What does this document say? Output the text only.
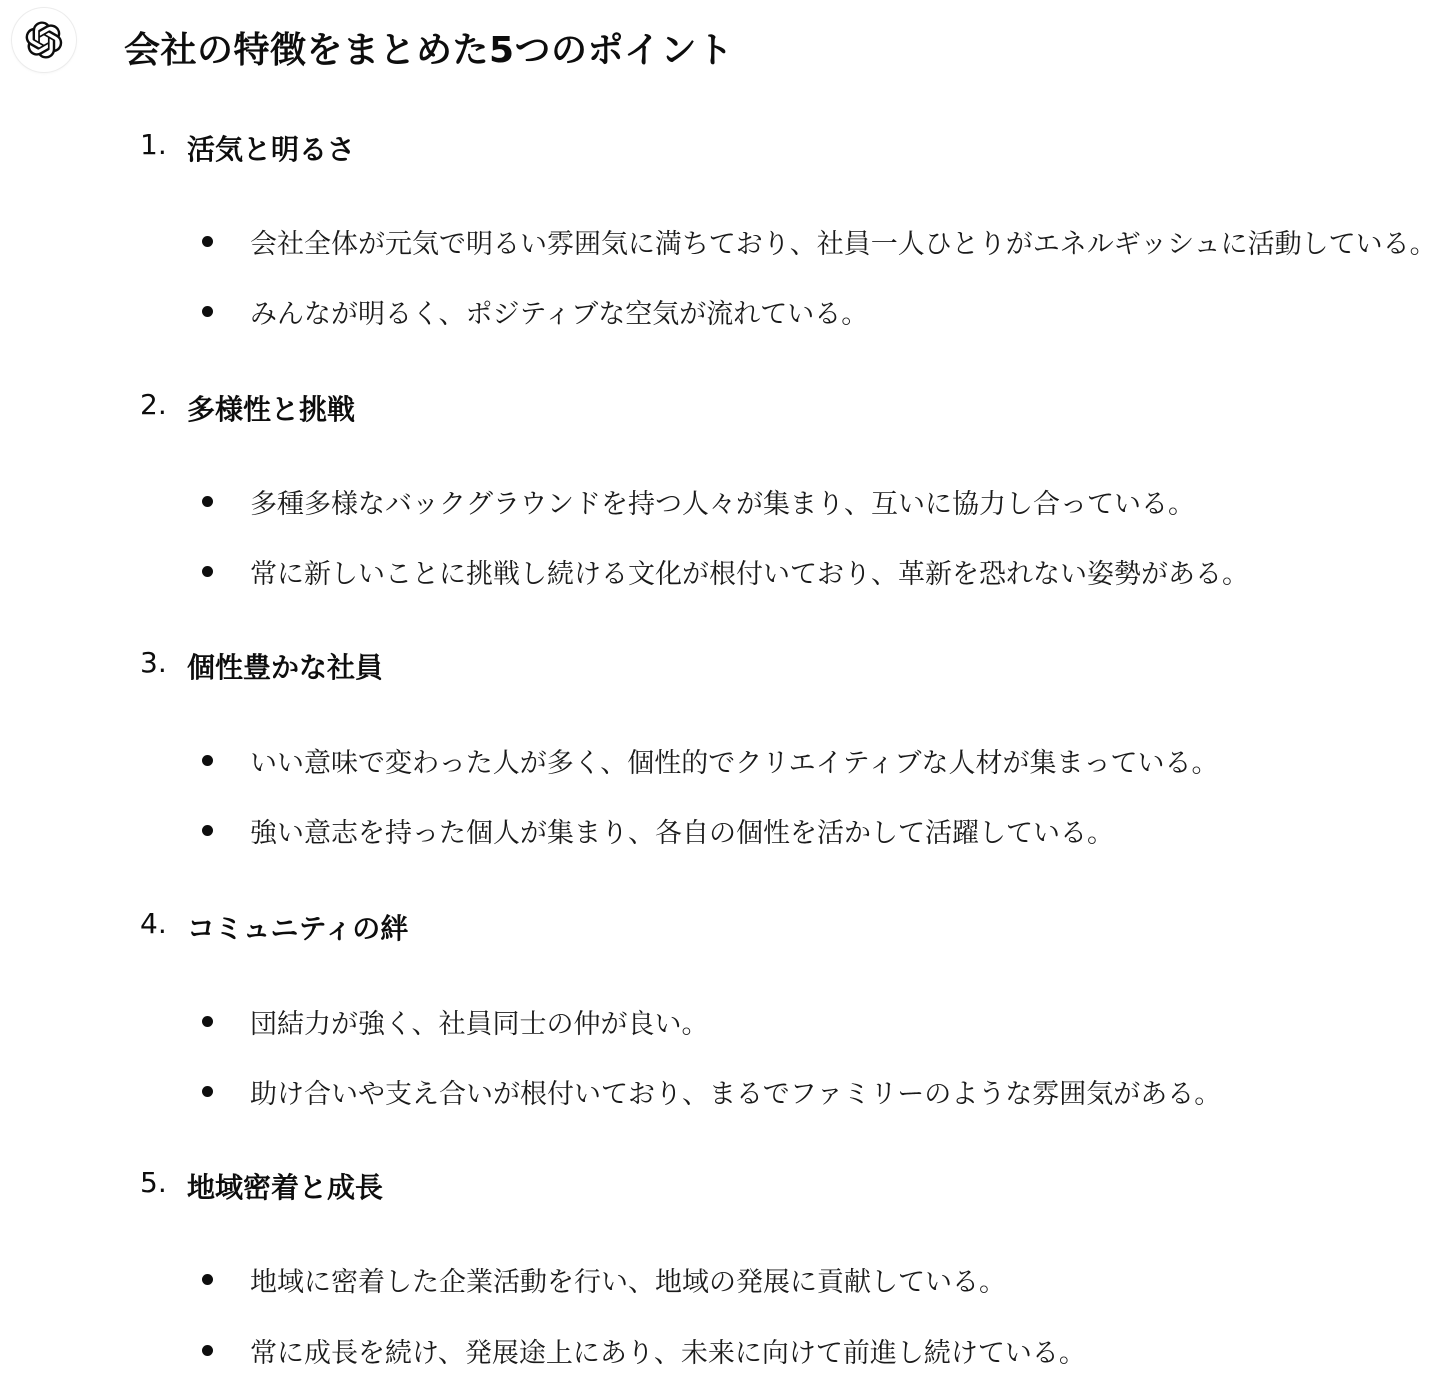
会社の特徴をまとめた5つのポイント
1. 活気と明るさ
会社全体が元気で明るい雰囲気に満ちており、社員一人ひとりがエネルギッシュに活動している。
みんなが明るく、ポジティブな空気が流れている。
2. 多様性と挑戦
多種多様なバックグラウンドを持つ人々が集まり、互いに協力し合っている。
常に新しいことに挑戦し続ける文化が根付いており、革新を恐れない姿勢がある。
3. 個性豊かな社員
いい意味で変わった人が多く、個性的でクリエイティブな人材が集まっている。
強い意志を持った個人が集まり、各自の個性を活かして活躍している。
4. コミュニティの絆
団結力が強く、社員同士の仲が良い。
助け合いや支え合いが根付いており、まるでファミリーのような雰囲気がある。
5. 地域密着と成長
地域に密着した企業活動を行い、地域の発展に貢献している。
常に成長を続け、発展途上にあり、未来に向けて前進し続けている。
